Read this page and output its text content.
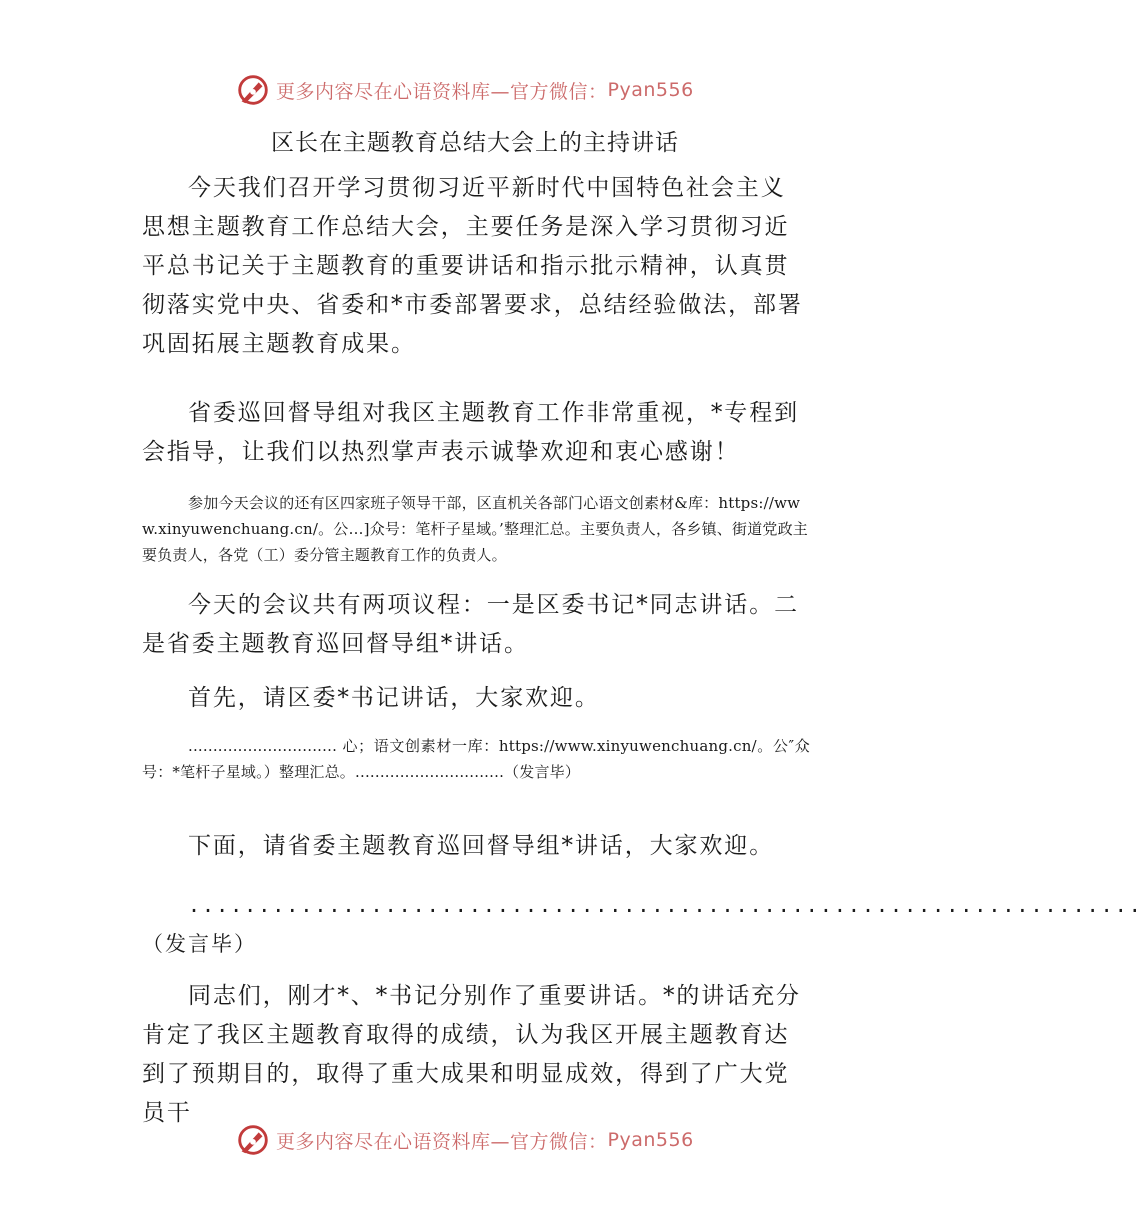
更多内容尽在心语资料库—官方微信： Pyan556
区长在主题教育总结大会上的主持讲话

今天我们召开学习贯彻习近平新时代中国特色社会主义思想主题教育工作总结大会，主要任务是深入学习贯彻习近平总书记关于主题教育的重要讲话和指示批示精神，认真贯彻落实党中央、省委和*市委部署要求，总结经验做法，部署巩固拓展主题教育成果。

省委巡回督导组对我区主题教育工作非常重视，*专程到会指导，让我们以热烈掌声表示诚挚欢迎和衷心感谢！

参加今天会议的还有区四家班子领导干部，区直机关各部门心语文创素材&库：https://www.xinyuwenchuang.cn/。公…]众号：笔杆子星域。’整理汇总。主要负责人，各乡镇、街道党政主要负责人，各党（工）委分管主题教育工作的负责人。

今天的会议共有两项议程：一是区委书记*同志讲话。二是省委主题教育巡回督导组*讲话。

首先，请区委*书记讲话，大家欢迎。

.............................. 心；语文创素材一库：https://www.xinyuwenchuang.cn/。公″众号：*笔杆子星域。）整理汇总。..............................（发言毕）

下面，请省委主题教育巡回督导组*讲话，大家欢迎。

....................................................................（发言毕）

同志们，刚才*、*书记分别作了重要讲话。*的讲话充分肯定了我区主题教育取得的成绩，认为我区开展主题教育达到了预期目的，取得了重大成果和明显成效，得到了广大党员干

更多内容尽在心语资料库—官方微信： Pyan556
